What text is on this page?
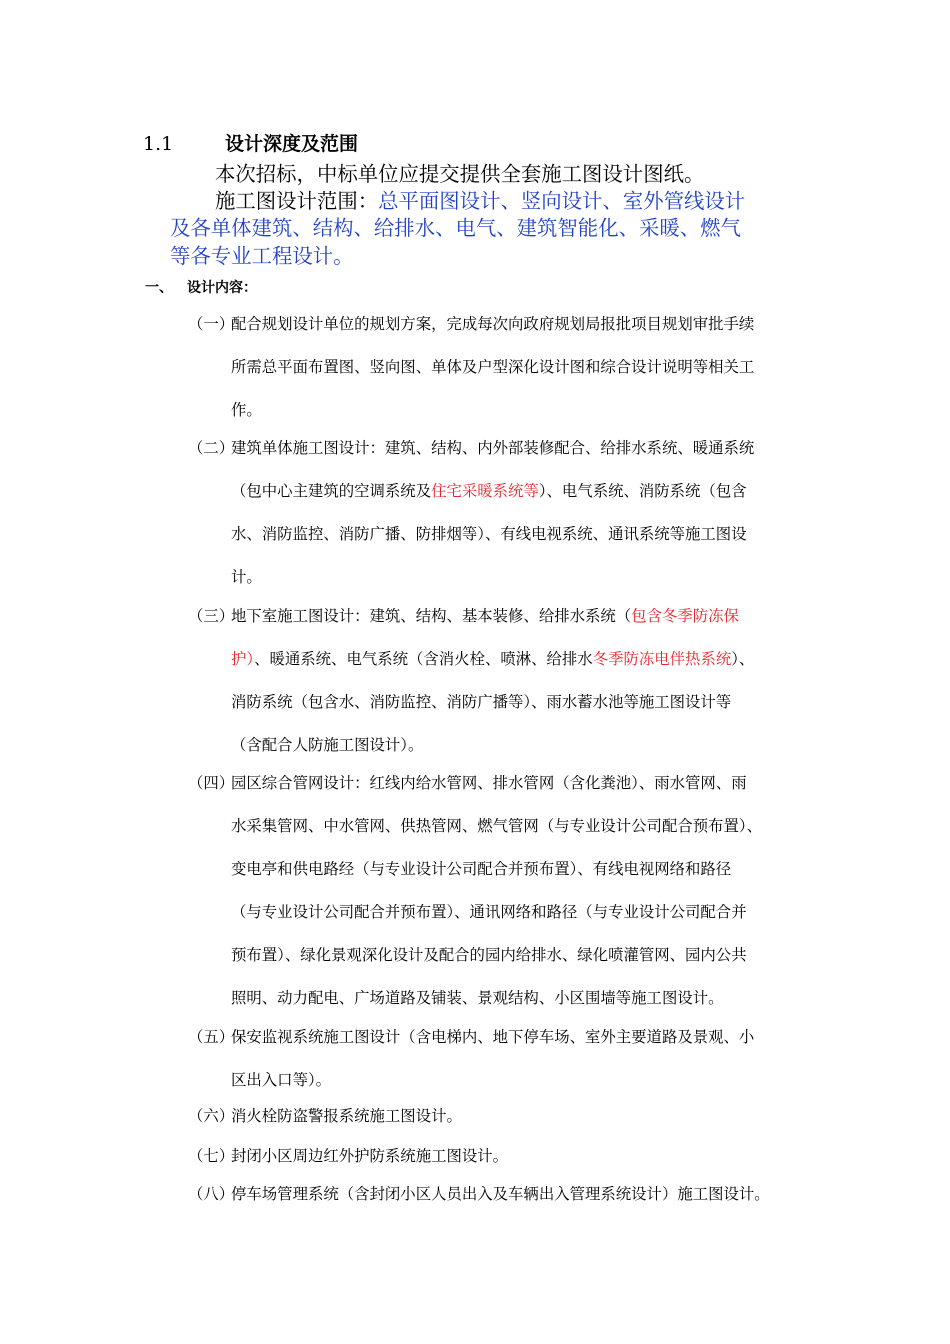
1.1	设计深度及范围
本次招标，中标单位应提交提供全套施工图设计图纸。
施工图设计范围：总平面图设计、竖向设计、室外管线设计
及各单体建筑、结构、给排水、电气、建筑智能化、采暖、燃气
等各专业工程设计。
一、 设计内容：
（一）
配合规划设计单位的规划方案，完成每次向政府规划局报批项目规划审批手续
所需总平面布置图、竖向图、单体及户型深化设计图和综合设计说明等相关工
作。
（二）
建筑单体施工图设计：建筑、结构、内外部装修配合、给排水系统、暖通系统
（包中心主建筑的空调系统及住宅采暖系统等）、电气系统、消防系统（包含
水、消防监控、消防广播、防排烟等）、有线电视系统、通讯系统等施工图设
计。
（三）
地下室施工图设计：建筑、结构、基本装修、给排水系统（包含冬季防冻保
护）、暖通系统、电气系统（含消火栓、喷淋、给排水冬季防冻电伴热系统）、
消防系统（包含水、消防监控、消防广播等）、雨水蓄水池等施工图设计等
（含配合人防施工图设计）。
（四）
园区综合管网设计：红线内给水管网、排水管网（含化粪池）、雨水管网、雨
水采集管网、中水管网、供热管网、燃气管网（与专业设计公司配合预布置）、
变电亭和供电路经（与专业设计公司配合并预布置）、有线电视网络和路径
（与专业设计公司配合并预布置）、通讯网络和路径（与专业设计公司配合并
预布置）、绿化景观深化设计及配合的园内给排水、绿化喷灌管网、园内公共
照明、动力配电、广场道路及铺装、景观结构、小区围墙等施工图设计。
（五）
保安监视系统施工图设计（含电梯内、地下停车场、室外主要道路及景观、小
区出入口等）。
（六）
消火栓防盗警报系统施工图设计。
（七）
封闭小区周边红外护防系统施工图设计。
（八）
停车场管理系统（含封闭小区人员出入及车辆出入管理系统设计）施工图设计。
